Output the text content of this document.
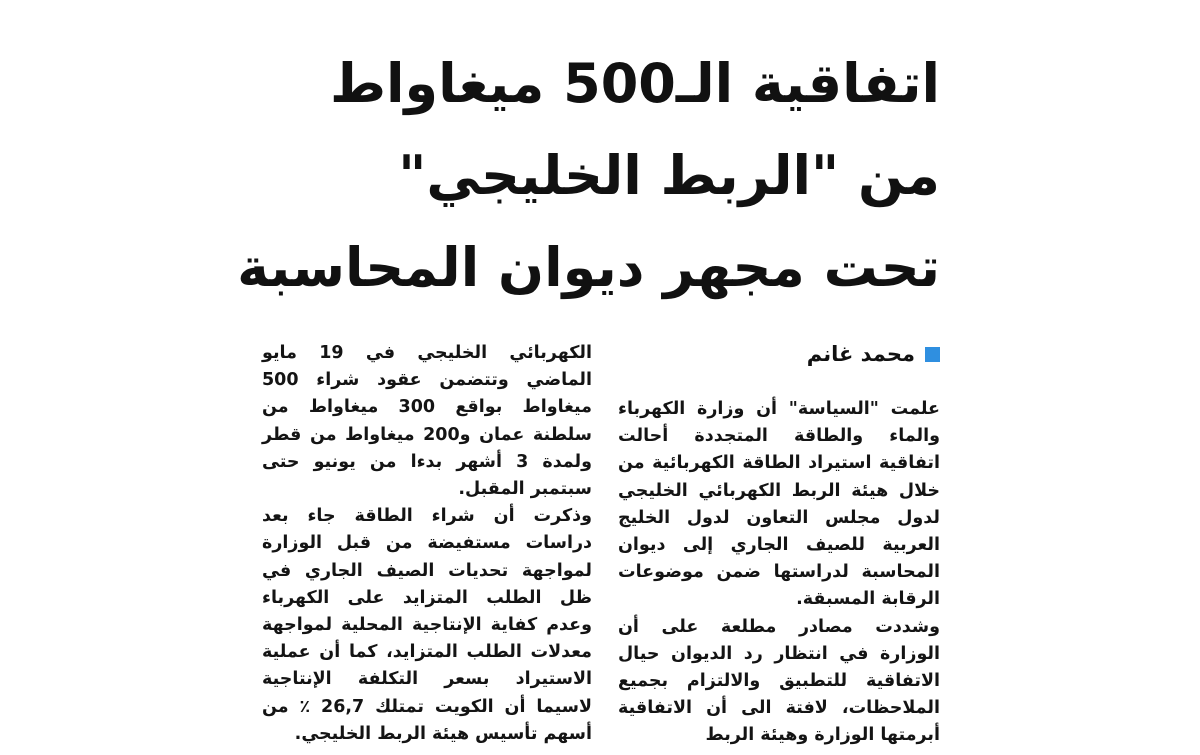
اتفاقية الـ500 ميغاواط
من "الربط الخليجي"
تحت مجهر ديوان المحاسبة
محمد غانم

علمت "السياسة" أن وزارة الكهرباء والماء والطاقة المتجددة أحالت اتفاقية استيراد الطاقة الكهربائية من خلال هيئة الربط الكهربائي الخليجي لدول مجلس التعاون لدول الخليج العربية للصيف الجاري إلى ديوان المحاسبة لدراستها ضمن موضوعات الرقابة المسبقة.

وشددت مصادر مطلعة على أن الوزارة في انتظار رد الديوان حيال الاتفاقية للتطبيق والالتزام بجميع الملاحظات، لافتة الى أن الاتفاقية أبرمتها الوزارة وهيئة الربط

الكهربائي الخليجي في 19 مايو الماضي وتتضمن عقود شراء 500 ميغاواط بواقع 300 ميغاواط من سلطنة عمان و200 ميغاواط من قطر ولمدة 3 أشهر بدءا من يونيو حتى سبتمبر المقبل.

وذكرت أن شراء الطاقة جاء بعد دراسات مستفيضة من قبل الوزارة لمواجهة تحديات الصيف الجاري في ظل الطلب المتزايد على الكهرباء وعدم كفاية الإنتاجية المحلية لمواجهة معدلات الطلب المتزايد، كما أن عملية الاستيراد بسعر التكلفة الإنتاجية لاسيما أن الكويت تمتلك 26,7 ٪ من أسهم تأسيس هيئة الربط الخليجي.
